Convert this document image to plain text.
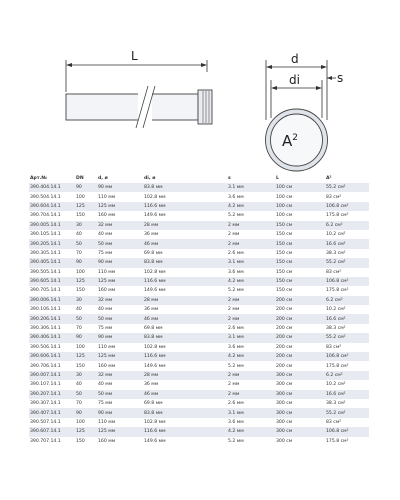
L	d
di	s
$A^2$
Арт.№	DN	d, ø	di, ø	s	L	A²
390.404.14.1	90	90 мм	83.8 мм	3.1 мм	100 см	55.2 см²
390.504.14.1	100	110 мм	102.8 мм	3.6 мм	100 см	83 см²
390.604.14.1	125	125 мм	116.6 мм	4.2 мм	100 см	106.8 см²
390.704.14.1	150	160 мм	149.6 мм	5.2 мм	100 см	175.8 см²
390.005.14.1	30	32 мм	28 мм	2 мм	150 см	6.2 см²
390.105.14.1	40	40 мм	36 мм	2 мм	150 см	10.2 см²
390.205.14.1	50	50 мм	46 мм	2 мм	150 см	16.6 см²
390.305.14.1	70	75 мм	69.8 мм	2.6 мм	150 см	38.3 см²
390.405.14.1	90	90 мм	83.8 мм	3.1 мм	150 см	55.2 см²
390.505.14.1	100	110 мм	102.8 мм	3.6 мм	150 см	83 см²
390.605.14.1	125	125 мм	116.6 мм	4.2 мм	150 см	106.8 см²
390.705.14.1	150	160 мм	149.6 мм	5.2 мм	150 см	175.8 см²
390.006.14.1	30	32 мм	28 мм	2 мм	200 см	6.2 см²
390.106.14.1	40	40 мм	36 мм	2 мм	200 см	10.2 см²
390.206.14.1	50	50 мм	46 мм	2 мм	200 см	16.6 см²
390.306.14.1	70	75 мм	69.8 мм	2.6 мм	200 см	38.3 см²
390.406.14.1	90	90 мм	83.8 мм	3.1 мм	200 см	55.2 см²
390.506.14.1	100	110 мм	102.8 мм	3.6 мм	200 см	83 см²
390.606.14.1	125	125 мм	116.6 мм	4.2 мм	200 см	106.8 см²
390.706.14.1	150	160 мм	149.6 мм	5.2 мм	200 см	175.8 см²
390.007.14.1	30	32 мм	28 мм	2 мм	300 см	6.2 см²
390.107.14.1	40	40 мм	36 мм	2 мм	300 см	10.2 см²
390.207.14.1	50	50 мм	46 мм	2 мм	300 см	16.6 см²
390.307.14.1	70	75 мм	69.8 мм	2.6 мм	300 см	38.3 см²
390.407.14.1	90	90 мм	83.8 мм	3.1 мм	300 см	55.2 см²
390.507.14.1	100	110 мм	102.8 мм	3.6 мм	300 см	83 см²
390.607.14.1	125	125 мм	116.6 мм	4.2 мм	300 см	106.8 см²
390.707.14.1	150	160 мм	149.6 мм	5.2 мм	300 см	175.8 см²
